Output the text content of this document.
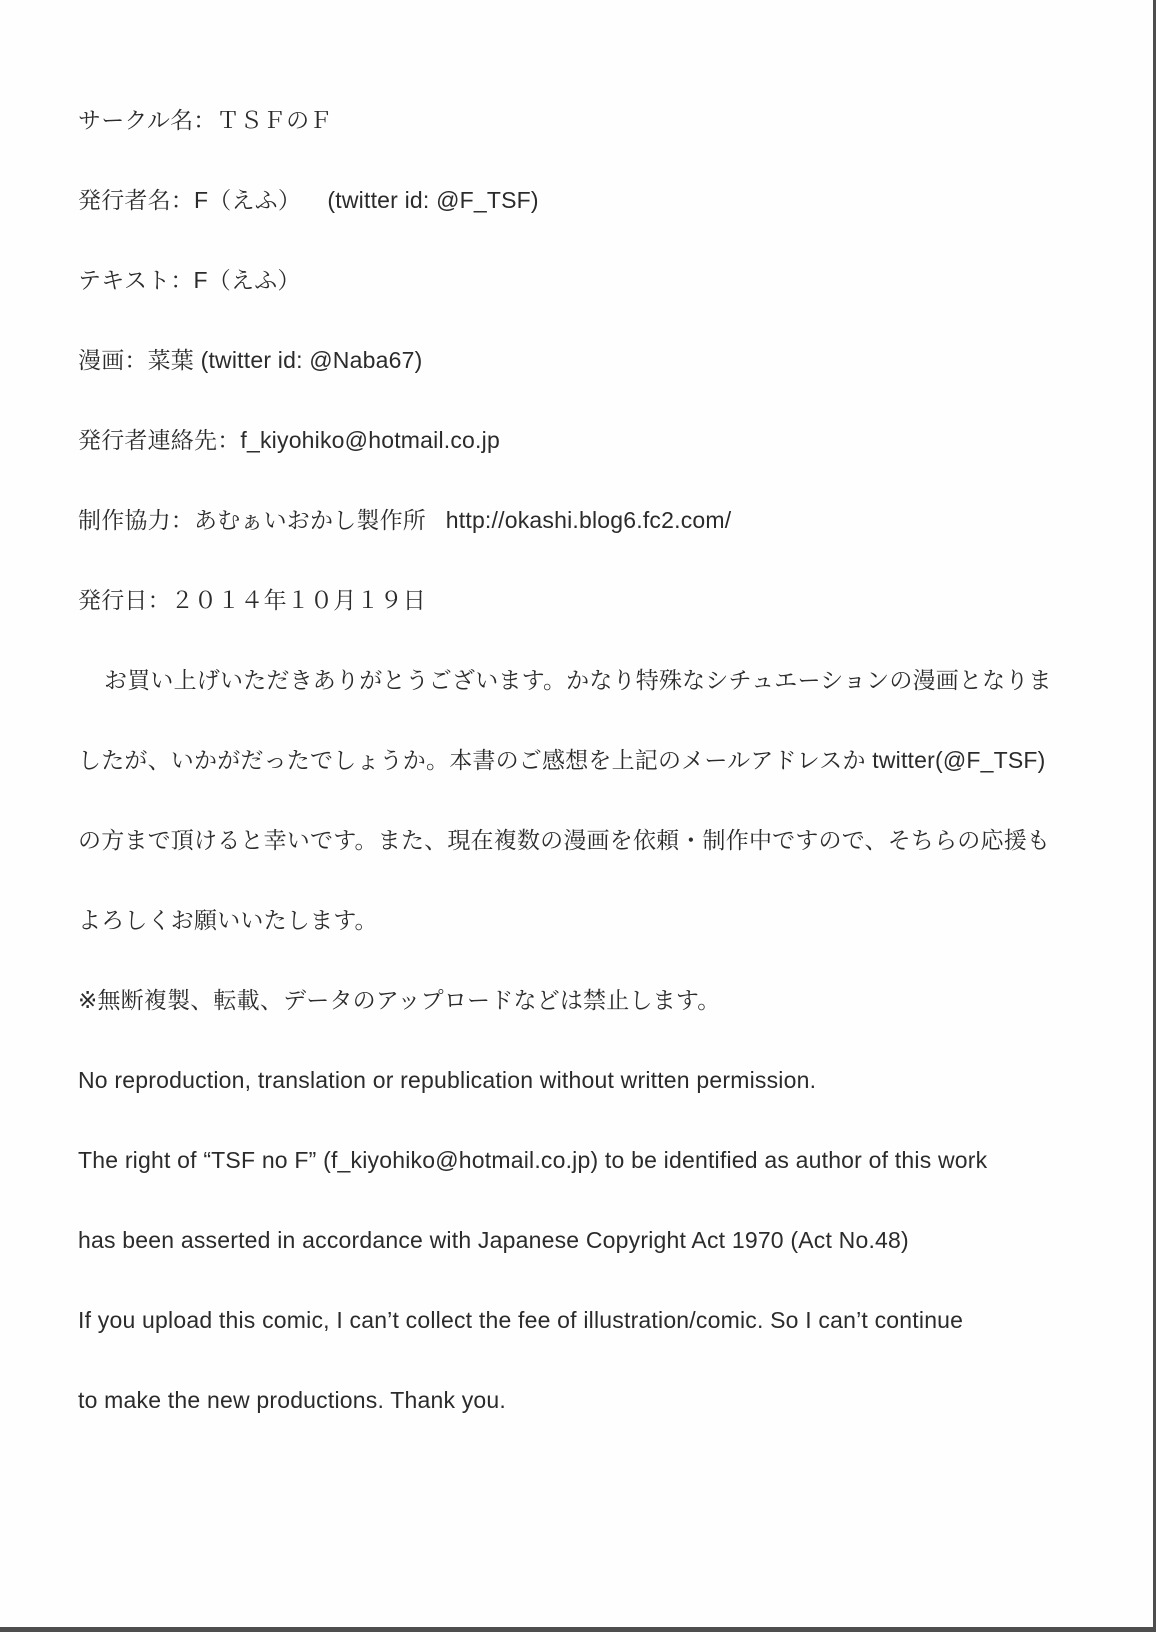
サークル名：ＴＳＦのＦ
発行者名：F（えふ）    (twitter id: @F_TSF)
テキスト：F（えふ）
漫画：菜葉 (twitter id: @Naba67)
発行者連絡先：f_kiyohiko@hotmail.co.jp
制作協力：あむぁいおかし製作所   http://okashi.blog6.fc2.com/
発行日：２０１４年１０月１９日
お買い上げいただきありがとうございます。かなり特殊なシチュエーションの漫画となりま
したが、いかがだったでしょうか。本書のご感想を上記のメールアドレスか twitter(@F_TSF)
の方まで頂けると幸いです。また、現在複数の漫画を依頼・制作中ですので、そちらの応援も
よろしくお願いいたします。
※無断複製、転載、データのアップロードなどは禁止します。
No reproduction, translation or republication without written permission.
The right of “TSF no F” (f_kiyohiko@hotmail.co.jp) to be identified as author of this work
has been asserted in accordance with Japanese Copyright Act 1970 (Act No.48)
If you upload this comic, I can’t collect the fee of illustration/comic. So I can’t continue
to make the new productions. Thank you.
